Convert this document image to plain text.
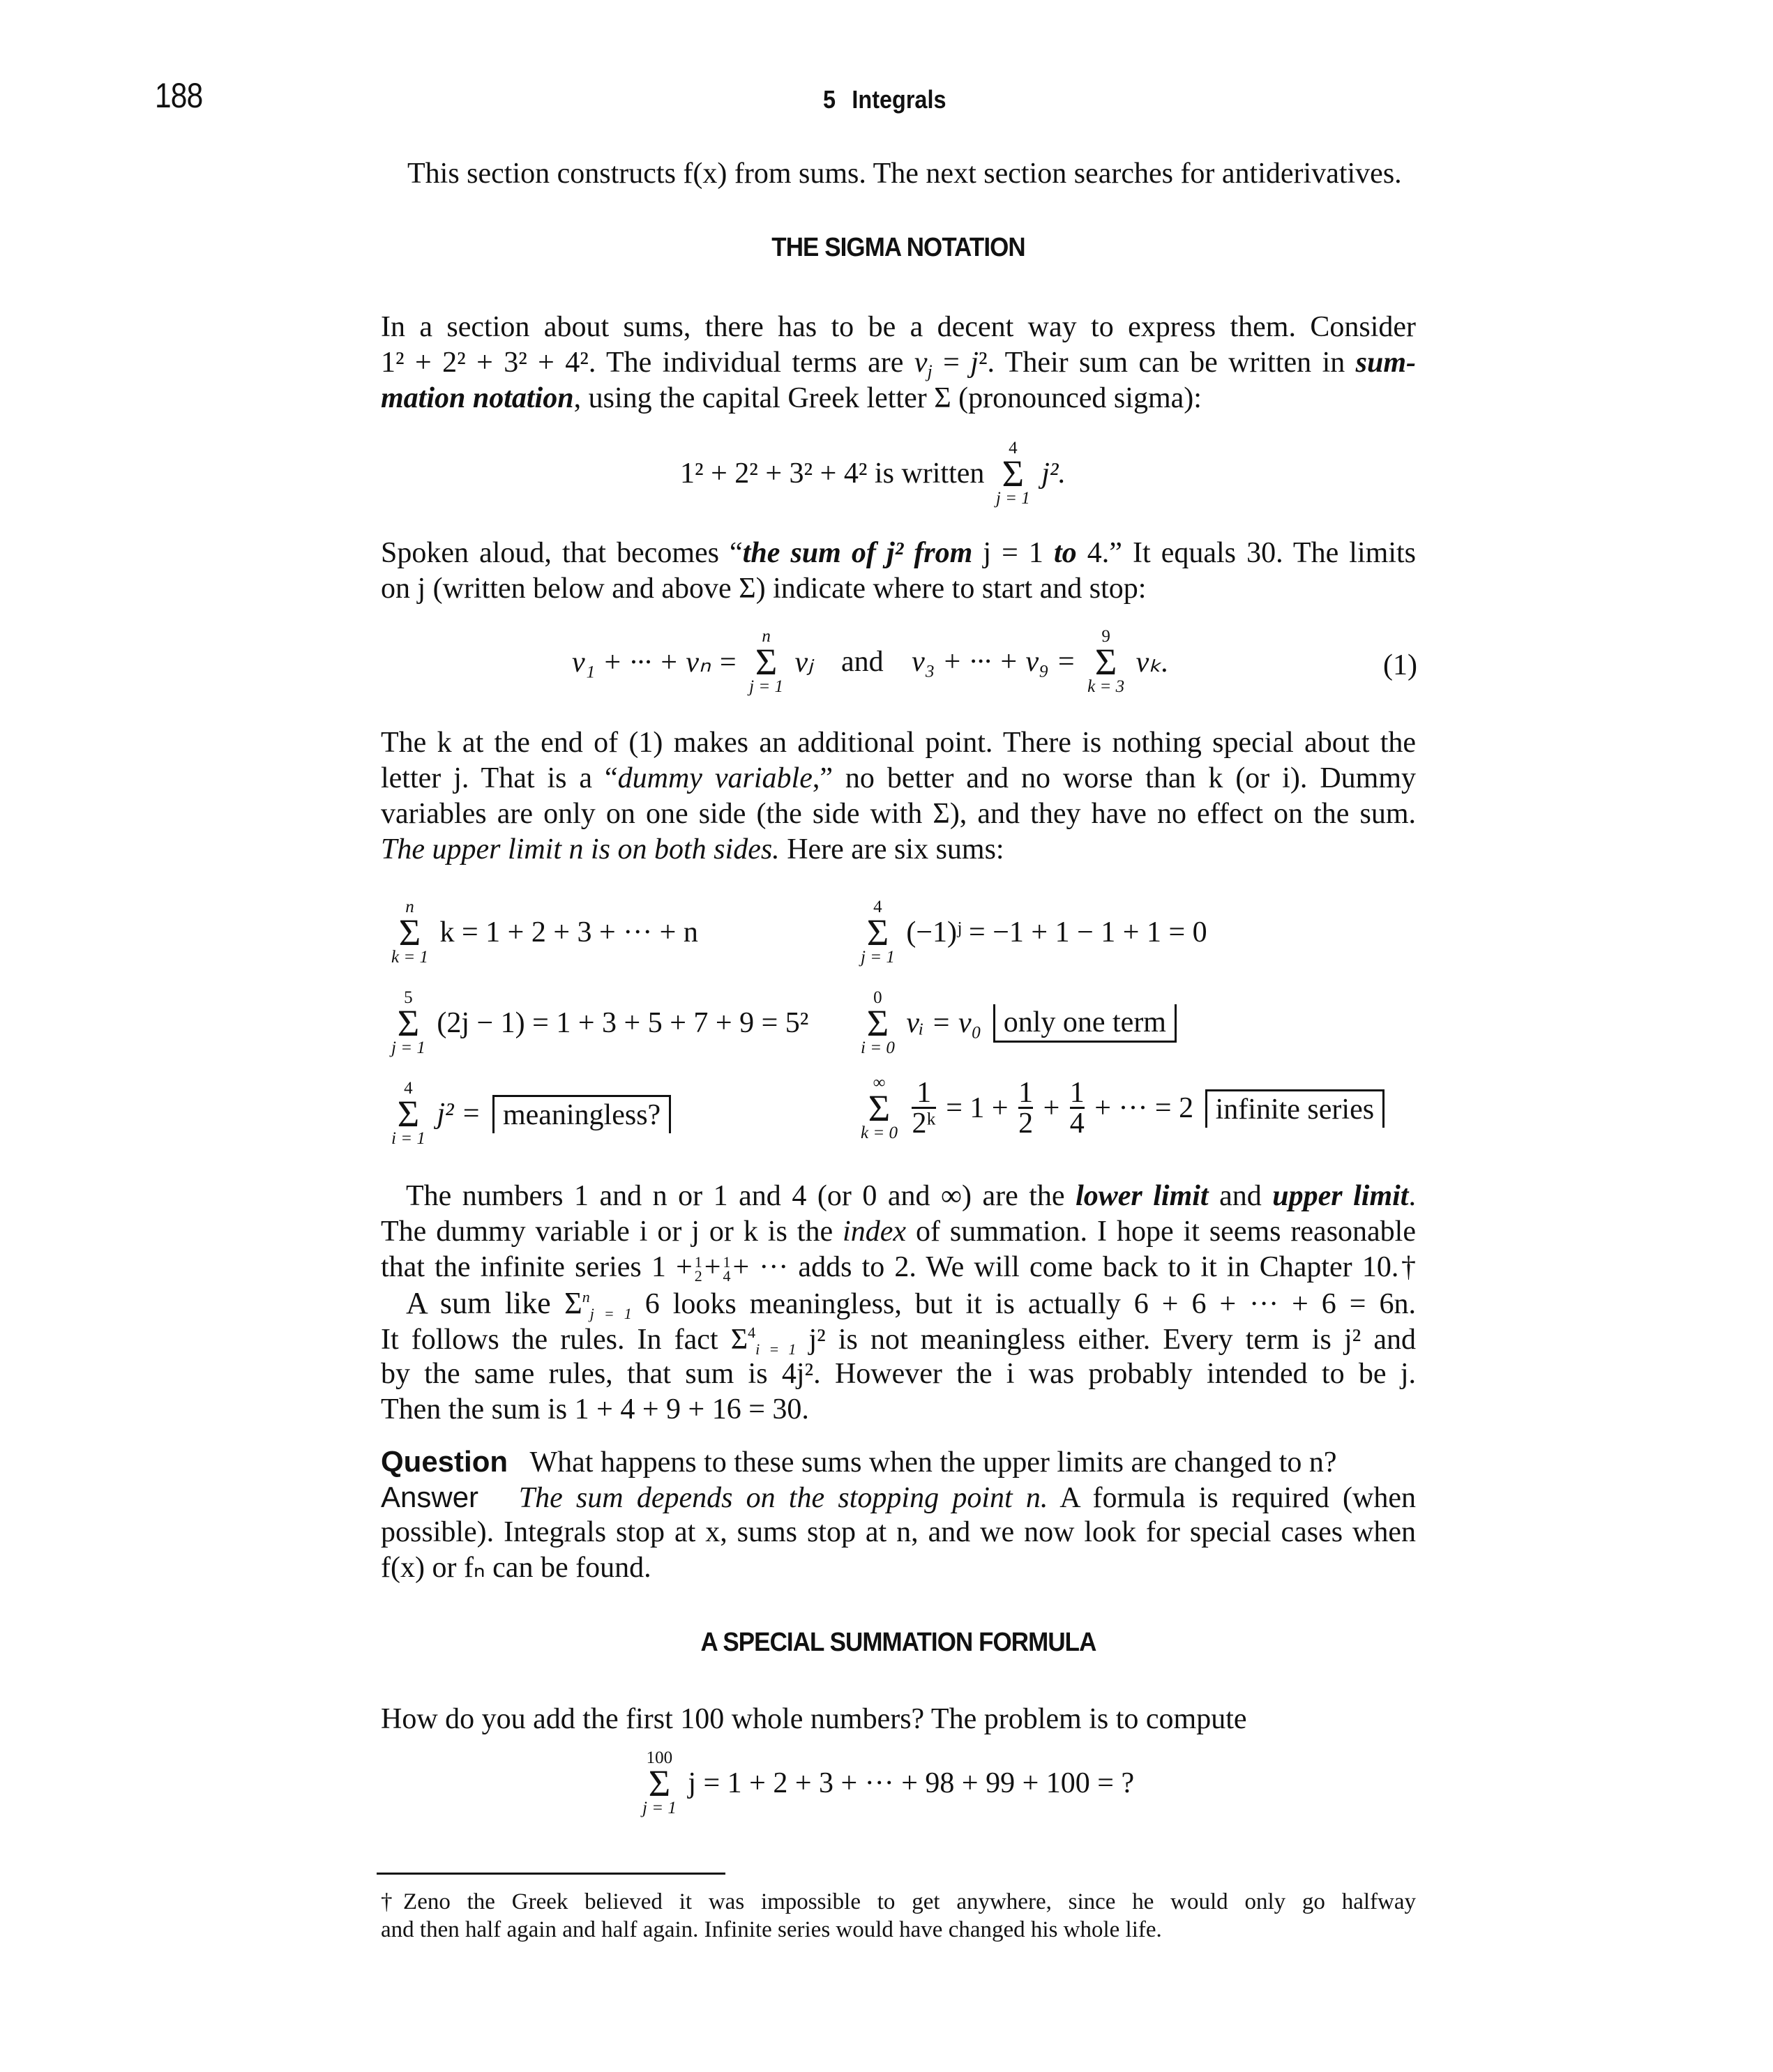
188	5 Integrals
This section constructs f(x) from sums. The next section searches for antiderivatives.
THE SIGMA NOTATION
In a section about sums, there has to be a decent way to express them. Consider
1² + 2² + 3² + 4². The individual terms are $v_j = j^2$. Their sum can be written in sum-
mation notation, using the capital Greek letter Σ (pronounced sigma):
1² + 2² + 3² + 4² is written
4
Σ
j = 1
j².
Spoken aloud, that becomes “the sum of j² from j = 1 to 4.” It equals 30. The limits
on j (written below and above Σ) indicate where to start and stop:
v₁ + ··· + vₙ =
n
Σ
j = 1
vⱼ and v₃ + ··· + v₉ =
9
Σ
k = 3
vₖ.	(1)
The k at the end of (1) makes an additional point. There is nothing special about the
letter j. That is a “dummy variable,” no better and no worse than k (or i). Dummy
variables are only on one side (the side with Σ), and they have no effect on the sum.
The upper limit n is on both sides. Here are six sums:
n
Σ
k = 1
k = 1 + 2 + 3 + ··· + n
4
Σ
j = 1
(−1)ʲ = −1 + 1 − 1 + 1 = 0
5
Σ
j = 1
(2j − 1) = 1 + 3 + 5 + 7 + 9 = 5²
0
Σ
i = 0
vᵢ = v₀ only one term
4
Σ
i = 1
j² = meaningless?
∞
Σ
k = 0
$\frac{1}{\text{2ᵏ}} = 1 + \frac{1}{2} + \frac{1}{4}$ + ··· = 2 infinite series
The numbers 1 and n or 1 and 4 (or 0 and ∞) are the lower limit and upper limit.
The dummy variable i or j or k is the index of summation. I hope it seems reasonable
that the infinite series 1 + 1
2 + 1
4 + ··· adds to 2. We will come back to it in Chapter 10.†
A sum like $\Sigma^n_{j = 1}$ 6 looks meaningless, but it is actually 6 + 6 + ··· + 6 = 6n.
It follows the rules. In fact $\Sigma^4_{i = 1}$ j² is not meaningless either. Every term is j² and
by the same rules, that sum is 4j². However the i was probably intended to be j.
Then the sum is 1 + 4 + 9 + 16 = 30.
Question What happens to these sums when the upper limits are changed to n?
Answer The sum depends on the stopping point n. A formula is required (when
possible). Integrals stop at x, sums stop at n, and we now look for special cases when
f(x) or fₙ can be found.
A SPECIAL SUMMATION FORMULA
How do you add the first 100 whole numbers? The problem is to compute
100
Σ
j = 1
j = 1 + 2 + 3 + ··· + 98 + 99 + 100 = ?
†Zeno the Greek believed it was impossible to get anywhere, since he would only go halfway
and then half again and half again. Infinite series would have changed his whole life.
